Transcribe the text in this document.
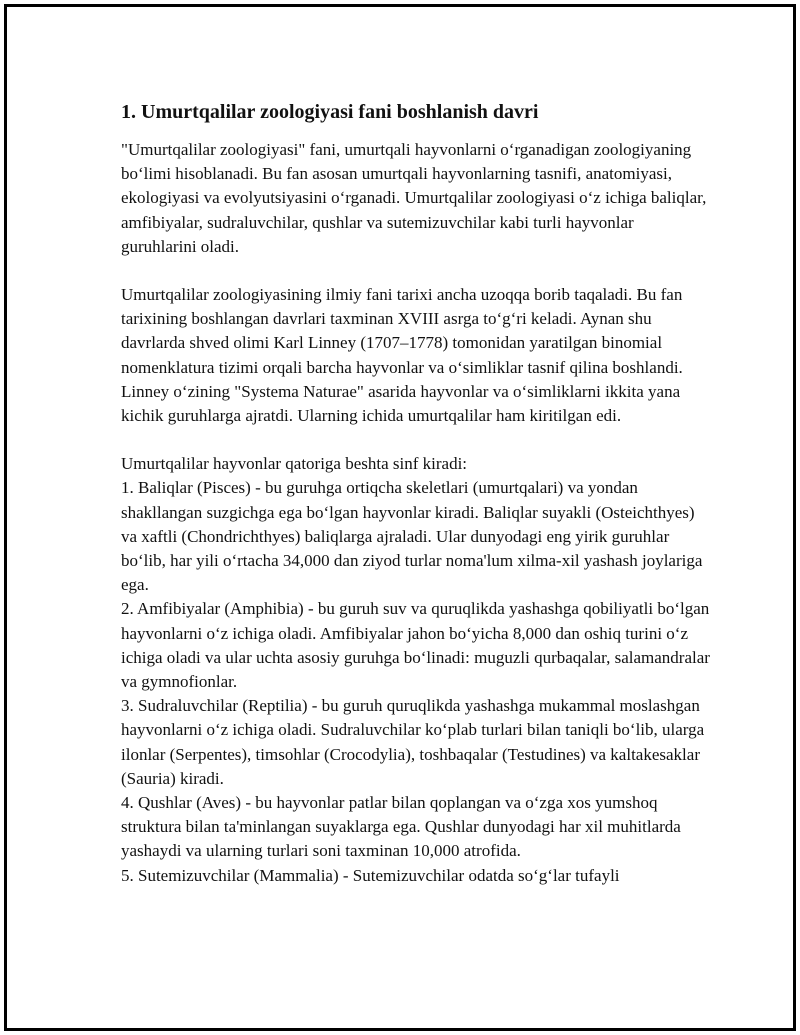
1. Umurtqalilar zoologiyasi fani boshlanish davri

"Umurtqalilar zoologiyasi" fani, umurtqali hayvonlarni o‘rganadigan zoologiyaning bo‘limi hisoblanadi. Bu fan asosan umurtqali hayvonlarning tasnifi, anatomiyasi, ekologiyasi va evolyutsiyasini o‘rganadi. Umurtqalilar zoologiyasi o‘z ichiga baliqlar, amfibiyalar, sudraluvchilar, qushlar va sutemizuvchilar kabi turli hayvonlar guruhlarini oladi.

Umurtqalilar zoologiyasining ilmiy fani tarixi ancha uzoqqa borib taqaladi. Bu fan tarixining boshlangan davrlari taxminan XVIII asrga to‘g‘ri keladi. Aynan shu davrlarda shved olimi Karl Linney (1707–1778) tomonidan yaratilgan binomial nomenklatura tizimi orqali barcha hayvonlar va o‘simliklar tasnif qilina boshlandi. Linney o‘zining "Systema Naturae" asarida hayvonlar va o‘simliklarni ikkita yana kichik guruhlarga ajratdi. Ularning ichida umurtqalilar ham kiritilgan edi.

Umurtqalilar hayvonlar qatoriga beshta sinf kiradi:

1. Baliqlar (Pisces) - bu guruhga ortiqcha skeletlari (umurtqalari) va yondan shakllangan suzgichga ega bo‘lgan hayvonlar kiradi. Baliqlar suyakli (Osteichthyes) va xaftli (Chondrichthyes) baliqlarga ajraladi. Ular dunyodagi eng yirik guruhlar bo‘lib, har yili o‘rtacha 34,000 dan ziyod turlar noma'lum xilma-xil yashash joylariga ega.
2. Amfibiyalar (Amphibia) - bu guruh suv va quruqlikda yashashga qobiliyatli bo‘lgan hayvonlarni o‘z ichiga oladi. Amfibiyalar jahon bo‘yicha 8,000 dan oshiq turini o‘z ichiga oladi va ular uchta asosiy guruhga bo‘linadi: muguzli qurbaqalar, salamandralar va gymnofionlar.
3. Sudraluvchilar (Reptilia) - bu guruh quruqlikda yashashga mukammal moslashgan hayvonlarni o‘z ichiga oladi. Sudraluvchilar ko‘plab turlari bilan taniqli bo‘lib, ularga ilonlar (Serpentes), timsohlar (Crocodylia), toshbaqalar (Testudines) va kaltakesaklar (Sauria) kiradi.
4. Qushlar (Aves) - bu hayvonlar patlar bilan qoplangan va o‘zga xos yumshoq struktura bilan ta'minlangan suyaklarga ega. Qushlar dunyodagi har xil muhitlarda yashaydi va ularning turlari soni taxminan 10,000 atrofida.
5. Sutemizuvchilar (Mammalia) - Sutemizuvchilar odatda so‘g‘lar tufayli
